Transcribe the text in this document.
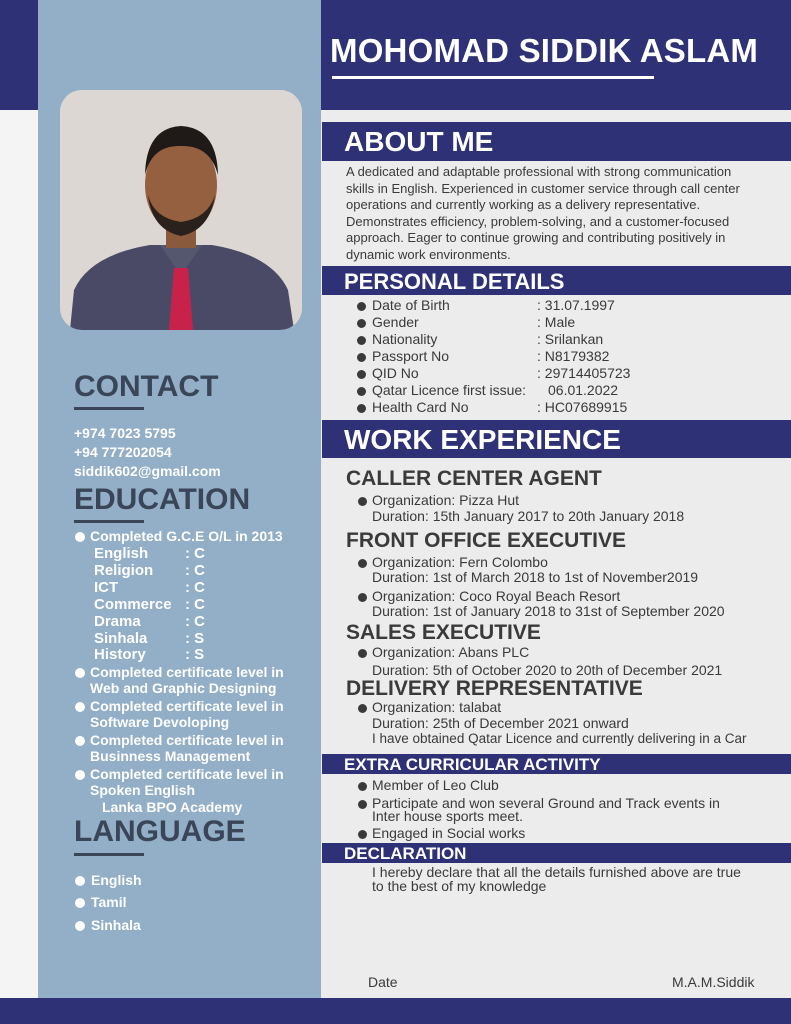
MOHOMAD SIDDIK ASLAM
CONTACT
+974 7023 5795
+94 777202054
siddik602@gmail.com
EDUCATION
Completed G.C.E O/L in 2013
English : C
Religion : C
ICT	: C
Commerce : C
Drama	: C
Sinhala	: S
History	: S
Completed certificate level in
Web and Graphic Designing
Completed certificate level in
Software Devoloping
Completed certificate level in
Businness Management
Completed certificate level in
Spoken English
Lanka BPO Academy
LANGUAGE
English
Tamil
Sinhala
ABOUT ME
A dedicated and adaptable professional with strong communication
skills in English. Experienced in customer service through call center
operations and currently working as a delivery representative.
Demonstrates efficiency, problem-solving, and a customer-focused
approach. Eager to continue growing and contributing positively in
dynamic work environments.
PERSONAL DETAILS
Date of Birth	: 31.07.1997
Gender	: Male
Nationality	: Srilankan
Passport No	: N8179382
QID No	: 29714405723
Qatar Licence first issue: 06.01.2022
Health Card No	: HC07689915
WORK EXPERIENCE
CALLER CENTER AGENT
Organization: Pizza Hut
Duration: 15th January 2017 to 20th January 2018
FRONT OFFICE EXECUTIVE
Organization: Fern Colombo
Duration: 1st of March 2018 to 1st of November2019
Organization: Coco Royal Beach Resort
Duration: 1st of January 2018 to 31st of September 2020
SALES EXECUTIVE
Organization: Abans PLC
Duration: 5th of October 2020 to 20th of December 2021
DELIVERY REPRESENTATIVE
Organization: talabat
Duration: 25th of December 2021 onward
I have obtained Qatar Licence and currently delivering in a Car
EXTRA CURRICULAR ACTIVITY
Member of Leo Club
Participate and won several Ground and Track events in
Inter house sports meet.
Engaged in Social works
DECLARATION
I hereby declare that all the details furnished above are true
to the best of my knowledge
Date	M.A.M.Siddik
